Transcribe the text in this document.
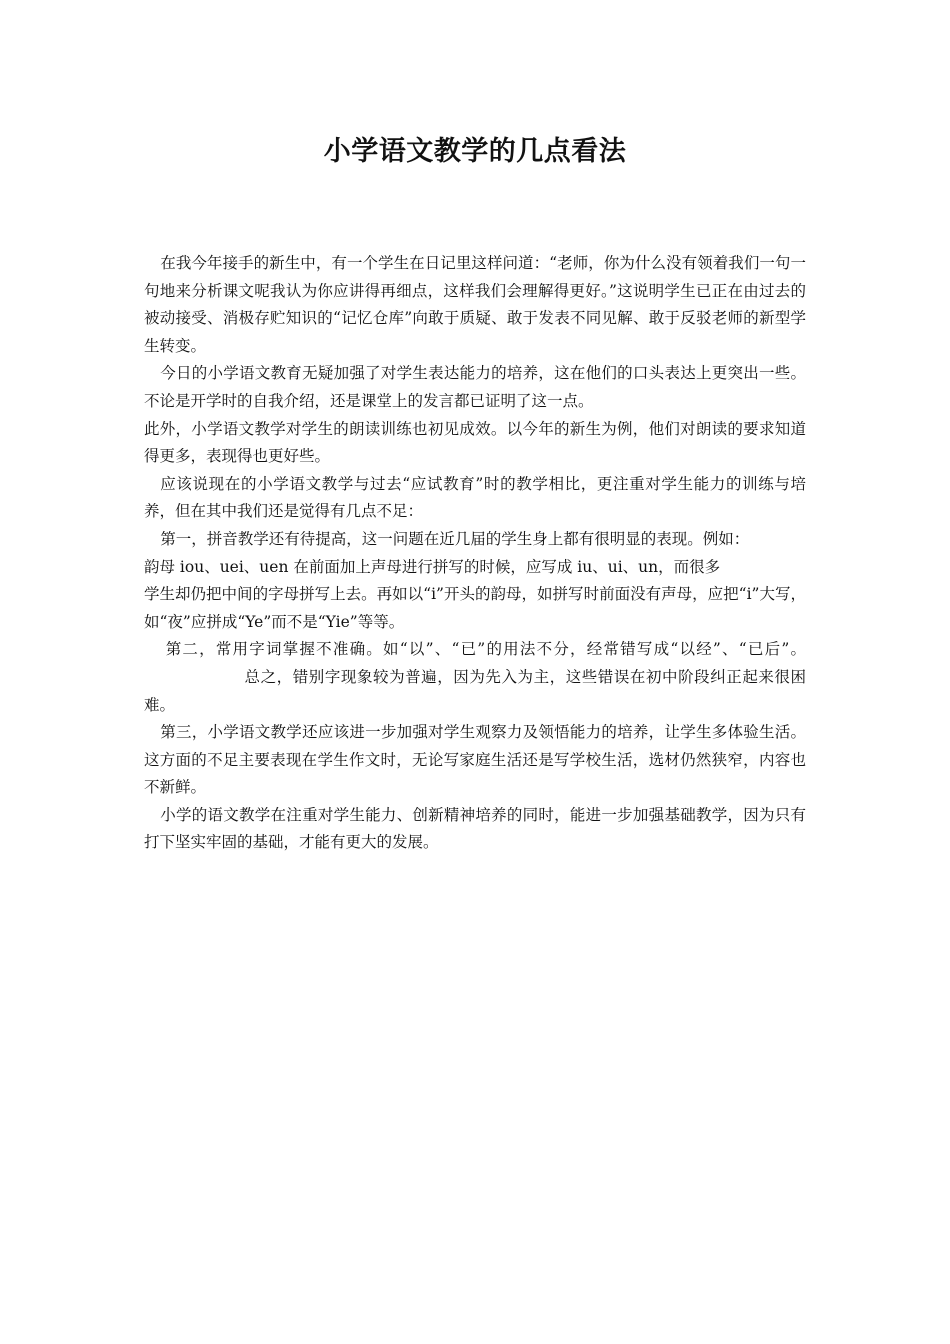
小学语文教学的几点看法

在我今年接手的新生中，有一个学生在日记里这样问道：“老师，你为什么没有领着我们一句一句地来分析课文呢我认为你应讲得再细点，这样我们会理解得更好。”这说明学生已正在由过去的被动接受、消极存贮知识的“记忆仓库”向敢于质疑、敢于发表不同见解、敢于反驳老师的新型学生转变。

今日的小学语文教育无疑加强了对学生表达能力的培养，这在他们的口头表达上更突出一些。不论是开学时的自我介绍，还是课堂上的发言都已证明了这一点。

此外，小学语文教学对学生的朗读训练也初见成效。以今年的新生为例，他们对朗读的要求知道得更多，表现得也更好些。

应该说现在的小学语文教学与过去“应试教育”时的教学相比，更注重对学生能力的训练与培养，但在其中我们还是觉得有几点不足：

第一，拼音教学还有待提高，这一问题在近几届的学生身上都有很明显的表现。例如：
韵母 iou、uei、uen 在前面加上声母进行拼写的时候，应写成 iu、ui、un，而很多
学生却仍把中间的字母拼写上去。再如以“i”开头的韵母，如拼写时前面没有声母，应把“i”大写，如“夜”应拼成“Ye”而不是“Yie”等等。

第二，常用字词掌握不准确。如“以”、“已”的用法不分，经常错写成“以经”、“已后”。总之，错别字现象较为普遍，因为先入为主，这些错误在初中阶段纠正起来很困难。

第三，小学语文教学还应该进一步加强对学生观察力及领悟能力的培养，让学生多体验生活。这方面的不足主要表现在学生作文时，无论写家庭生活还是写学校生活，选材仍然狭窄，内容也不新鲜。

小学的语文教学在注重对学生能力、创新精神培养的同时，能进一步加强基础教学，因为只有打下坚实牢固的基础，才能有更大的发展。
